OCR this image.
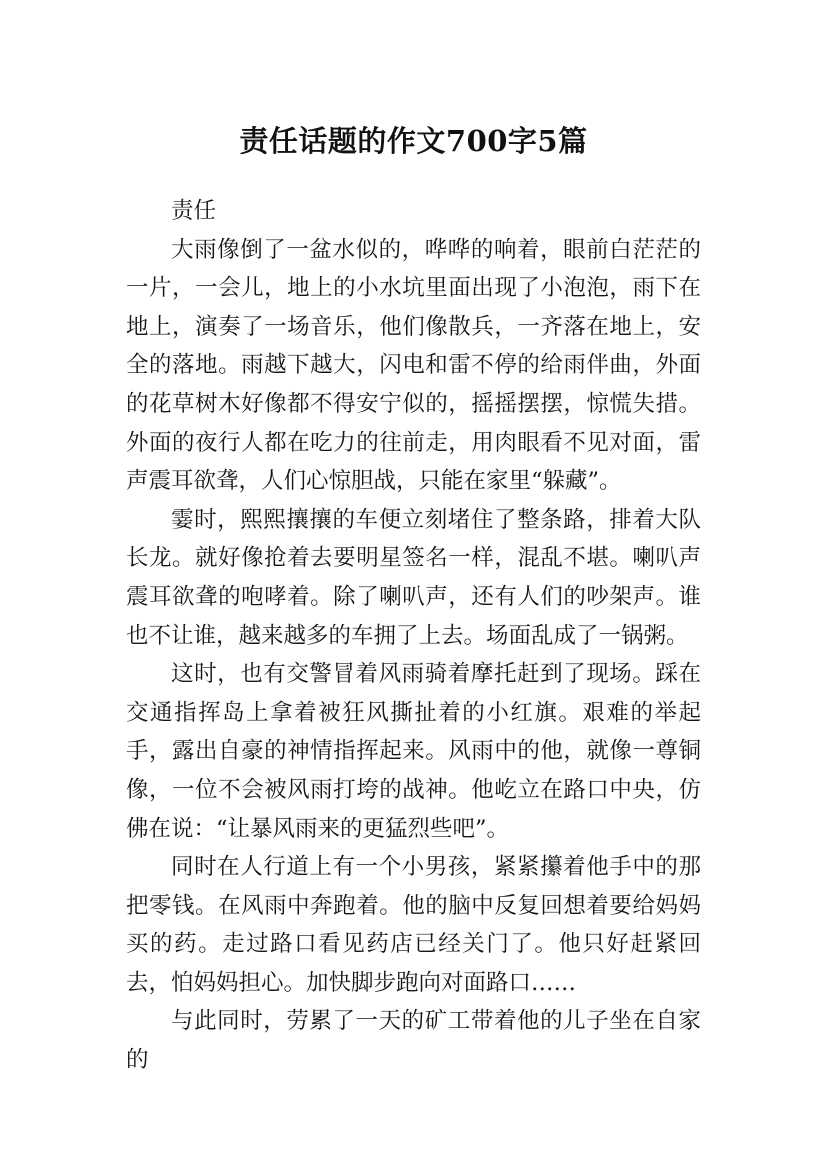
责任话题的作文700字5篇

责任

大雨像倒了一盆水似的，哗哗的响着，眼前白茫茫的一片，一会儿，地上的小水坑里面出现了小泡泡，雨下在地上，演奏了一场音乐，他们像散兵，一齐落在地上，安全的落地。雨越下越大，闪电和雷不停的给雨伴曲，外面的花草树木好像都不得安宁似的，摇摇摆摆，惊慌失措。外面的夜行人都在吃力的往前走，用肉眼看不见对面，雷声震耳欲聋，人们心惊胆战，只能在家里“躲藏”。

霎时，熙熙攘攘的车便立刻堵住了整条路，排着大队长龙。就好像抢着去要明星签名一样，混乱不堪。喇叭声震耳欲聋的咆哮着。除了喇叭声，还有人们的吵架声。谁也不让谁，越来越多的车拥了上去。场面乱成了一锅粥。

这时，也有交警冒着风雨骑着摩托赶到了现场。踩在交通指挥岛上拿着被狂风撕扯着的小红旗。艰难的举起手，露出自豪的神情指挥起来。风雨中的他，就像一尊铜像，一位不会被风雨打垮的战神。他屹立在路口中央，仿佛在说：“让暴风雨来的更猛烈些吧”。

同时在人行道上有一个小男孩，紧紧攥着他手中的那把零钱。在风雨中奔跑着。他的脑中反复回想着要给妈妈买的药。走过路口看见药店已经关门了。他只好赶紧回去，怕妈妈担心。加快脚步跑向对面路口……

与此同时，劳累了一天的矿工带着他的儿子坐在自家的
